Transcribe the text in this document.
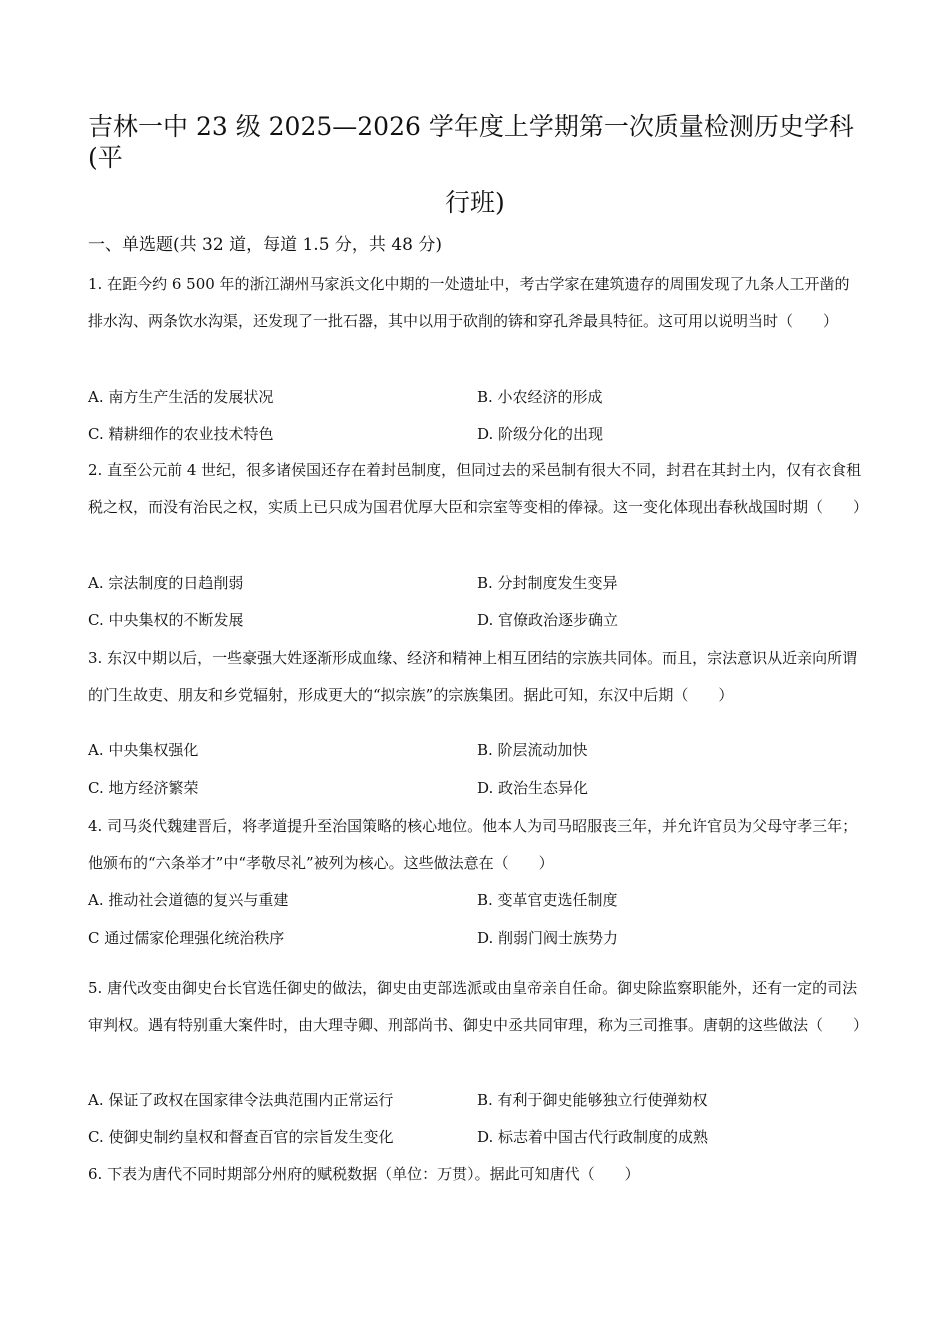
吉林一中 23 级 2025—2026 学年度上学期第一次质量检测历史学科
(平
行班)
一、单选题(共 32 道，每道 1.5 分，共 48 分)
1. 在距今约 6 500 年的浙江湖州马家浜文化中期的一处遗址中，考古学家在建筑遗存的周围发现了九条人工开凿的排水沟、两条饮水沟渠，还发现了一批石器，其中以用于砍削的锛和穿孔斧最具特征。这可用以说明当时（　　）
A. 南方生产生活的发展状况	B. 小农经济的形成
C. 精耕细作的农业技术特色	D. 阶级分化的出现
2. 直至公元前 4 世纪，很多诸侯国还存在着封邑制度，但同过去的采邑制有很大不同，封君在其封土内，仅有衣食租税之权，而没有治民之权，实质上已只成为国君优厚大臣和宗室等变相的俸禄。这一变化体现出春秋战国时期（　　）
A. 宗法制度的日趋削弱	B. 分封制度发生变异
C. 中央集权的不断发展	D. 官僚政治逐步确立
3. 东汉中期以后，一些豪强大姓逐渐形成血缘、经济和精神上相互团结的宗族共同体。而且，宗法意识从近亲向所谓的门生故吏、朋友和乡党辐射，形成更大的“拟宗族”的宗族集团。据此可知，东汉中后期（　　）
A. 中央集权强化	B. 阶层流动加快
C. 地方经济繁荣	D. 政治生态异化
4. 司马炎代魏建晋后，将孝道提升至治国策略的核心地位。他本人为司马昭服丧三年，并允许官员为父母守孝三年；他颁布的“六条举才”中“孝敬尽礼”被列为核心。这些做法意在（　　）
A. 推动社会道德的复兴与重建	B. 变革官吏选任制度
C 通过儒家伦理强化统治秩序	D. 削弱门阀士族势力
5. 唐代改变由御史台长官选任御史的做法，御史由吏部选派或由皇帝亲自任命。御史除监察职能外，还有一定的司法审判权。遇有特别重大案件时，由大理寺卿、刑部尚书、御史中丞共同审理，称为三司推事。唐朝的这些做法（　　）
A. 保证了政权在国家律令法典范围内正常运行	B. 有利于御史能够独立行使弹劾权
C. 使御史制约皇权和督查百官的宗旨发生变化	D. 标志着中国古代行政制度的成熟
6. 下表为唐代不同时期部分州府的赋税数据（单位：万贯）。据此可知唐代（　　）
